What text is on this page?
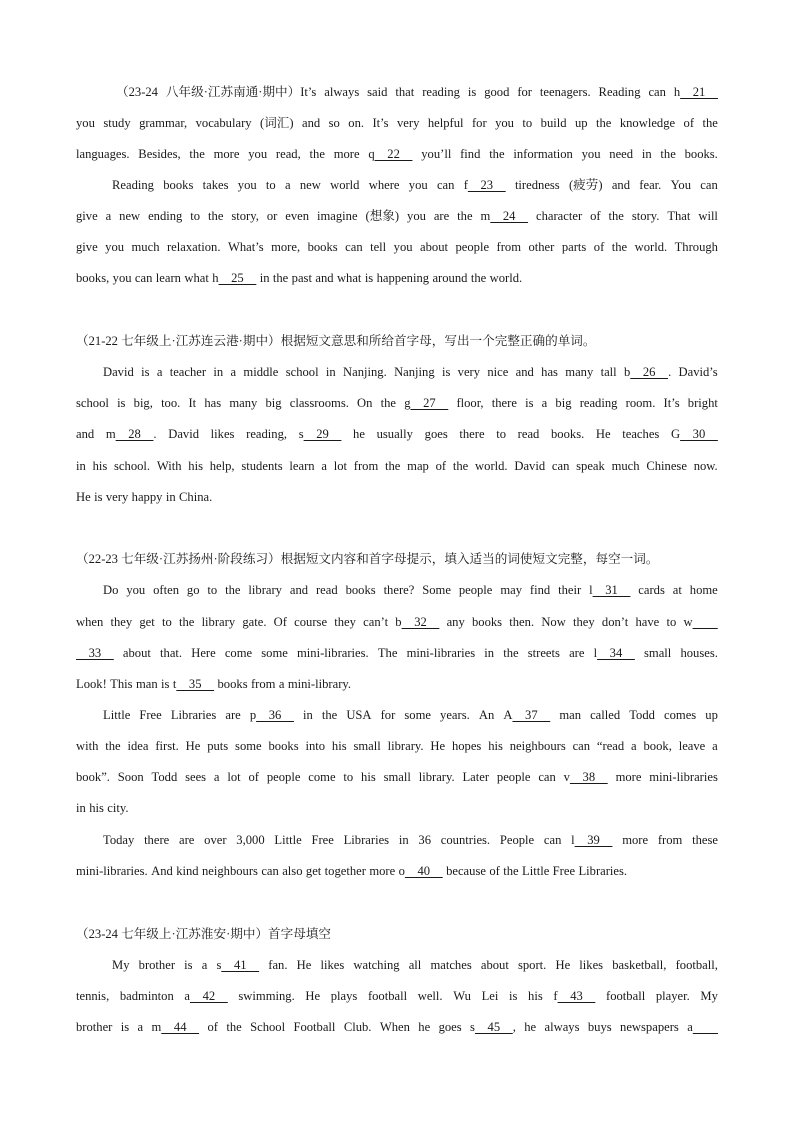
（23-24 八年级·江苏南通·期中）It’s always said that reading is good for teenagers. Reading can h    21
you study grammar, vocabulary (词汇) and so on. It’s very helpful for you to build up the knowledge of the
languages. Besides, the more you read, the more q    22 you’ll find the information you need in the books.
Reading books takes you to a new world where you can f    23 tiredness (疲劳) and fear. You can
give a new ending to the story, or even imagine (想象) you are the m    24 character of the story. That will
give you much relaxation. What’s more, books can tell you about people from other parts of the world. Through
books, you can learn what h    25 in the past and what is happening around the world.
（21-22 七年级上·江苏连云港·期中）根据短文意思和所给首字母，写出一个完整正确的单词。
David is a teacher in a middle school in Nanjing. Nanjing is very nice and has many tall b    26    . David’s
school is big, too. It has many big classrooms. On the g    27 floor, there is a big reading room. It’s bright
and m    28    . David likes reading, s    29 he usually goes there to read books. He teaches G    30
in his school. With his help, students learn a lot from the map of the world. David can speak much Chinese now.
He is very happy in China.
（22-23 七年级·江苏扬州·阶段练习）根据短文内容和首字母提示，填入适当的词使短文完整，每空一词。
Do you often go to the library and read books there? Some people may find their l    31 cards at home
when they get to the library gate. Of course they can’t b    32 any books then. Now they don’t have to w
33 about that. Here come some mini-libraries. The mini-libraries in the streets are l    34 small houses.
Look! This man is t    35 books from a mini-library.
Little Free Libraries are p    36 in the USA for some years. An A    37 man called Todd comes up
with the idea first. He puts some books into his small library. He hopes his neighbours can “read a book, leave a
book”. Soon Todd sees a lot of people come to his small library. Later people can v    38 more mini-libraries
in his city.
Today there are over 3,000 Little Free Libraries in 36 countries. People can l    39 more from these
mini-libraries. And kind neighbours can also get together more o    40 because of the Little Free Libraries.
（23-24 七年级上·江苏淮安·期中）首字母填空
My brother is a s    41 fan. He likes watching all matches about sport. He likes basketball, football,
tennis, badminton a    42 swimming. He plays football well. Wu Lei is his f    43 football player. My
brother is a m    44 of the School Football Club. When he goes s    45    , he always buys newspapers a
